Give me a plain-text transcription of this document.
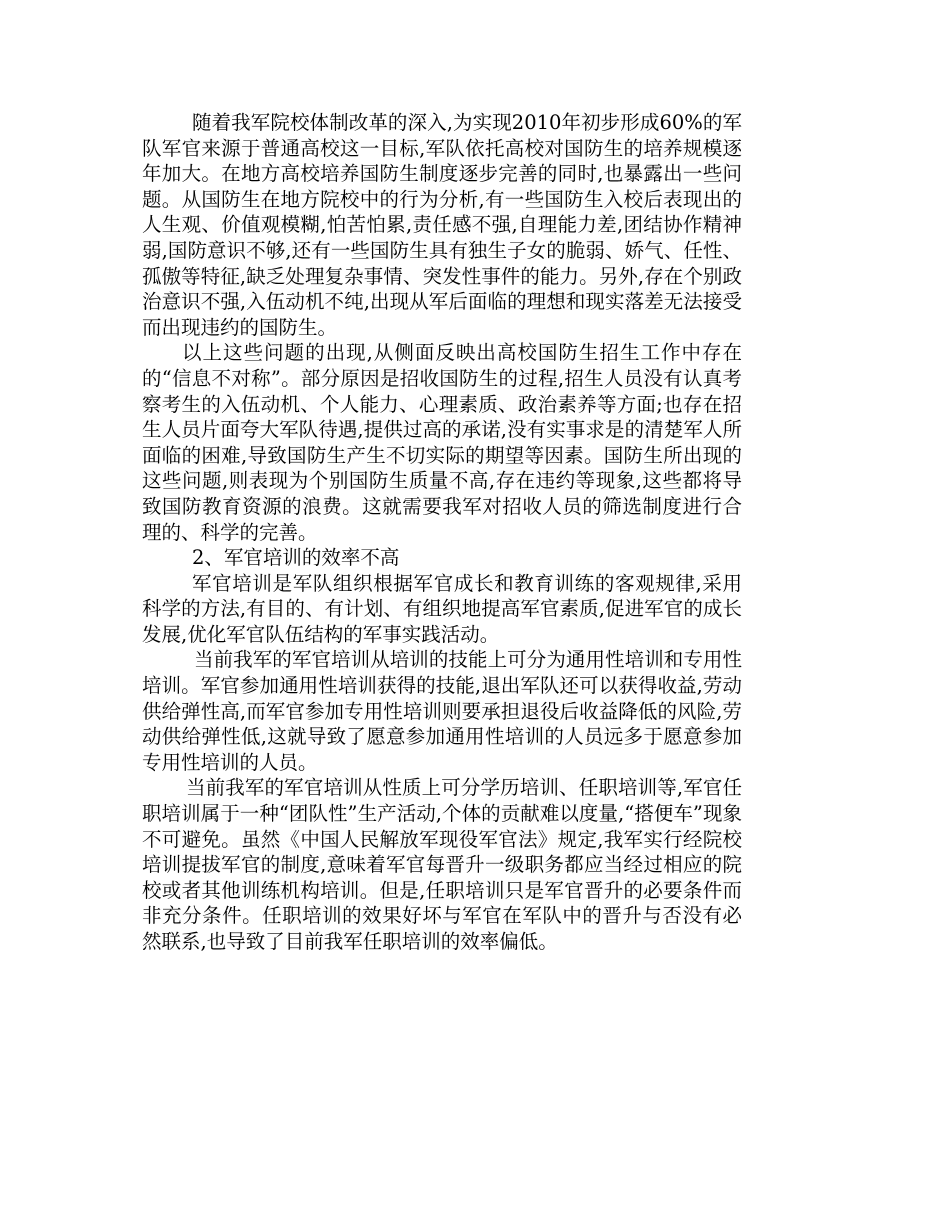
随着我军院校体制改革的深入,为实现2010年初步形成60%的军队军官来源于普通高校这一目标,军队依托高校对国防生的培养规模逐年加大。在地方高校培养国防生制度逐步完善的同时,也暴露出一些问题。从国防生在地方院校中的行为分析,有一些国防生入校后表现出的人生观、价值观模糊,怕苦怕累,责任感不强,自理能力差,团结协作精神弱,国防意识不够,还有一些国防生具有独生子女的脆弱、娇气、任性、孤傲等特征,缺乏处理复杂事情、突发性事件的能力。另外,存在个别政治意识不强,入伍动机不纯,出现从军后面临的理想和现实落差无法接受而出现违约的国防生。

以上这些问题的出现,从侧面反映出高校国防生招生工作中存在的“信息不对称”。部分原因是招收国防生的过程,招生人员没有认真考察考生的入伍动机、个人能力、心理素质、政治素养等方面;也存在招生人员片面夸大军队待遇,提供过高的承诺,没有实事求是的清楚军人所面临的困难,导致国防生产生不切实际的期望等因素。国防生所出现的这些问题,则表现为个别国防生质量不高,存在违约等现象,这些都将导致国防教育资源的浪费。这就需要我军对招收人员的筛选制度进行合理的、科学的完善。

2、军官培训的效率不高

军官培训是军队组织根据军官成长和教育训练的客观规律,采用科学的方法,有目的、有计划、有组织地提高军官素质,促进军官的成长发展,优化军官队伍结构的军事实践活动。

当前我军的军官培训从培训的技能上可分为通用性培训和专用性培训。军官参加通用性培训获得的技能,退出军队还可以获得收益,劳动供给弹性高,而军官参加专用性培训则要承担退役后收益降低的风险,劳动供给弹性低,这就导致了愿意参加通用性培训的人员远多于愿意参加专用性培训的人员。

当前我军的军官培训从性质上可分学历培训、任职培训等,军官任职培训属于一种“团队性”生产活动,个体的贡献难以度量,“搭便车”现象不可避免。虽然《中国人民解放军现役军官法》规定,我军实行经院校培训提拔军官的制度,意味着军官每晋升一级职务都应当经过相应的院校或者其他训练机构培训。但是,任职培训只是军官晋升的必要条件而非充分条件。任职培训的效果好坏与军官在军队中的晋升与否没有必然联系,也导致了目前我军任职培训的效率偏低。
